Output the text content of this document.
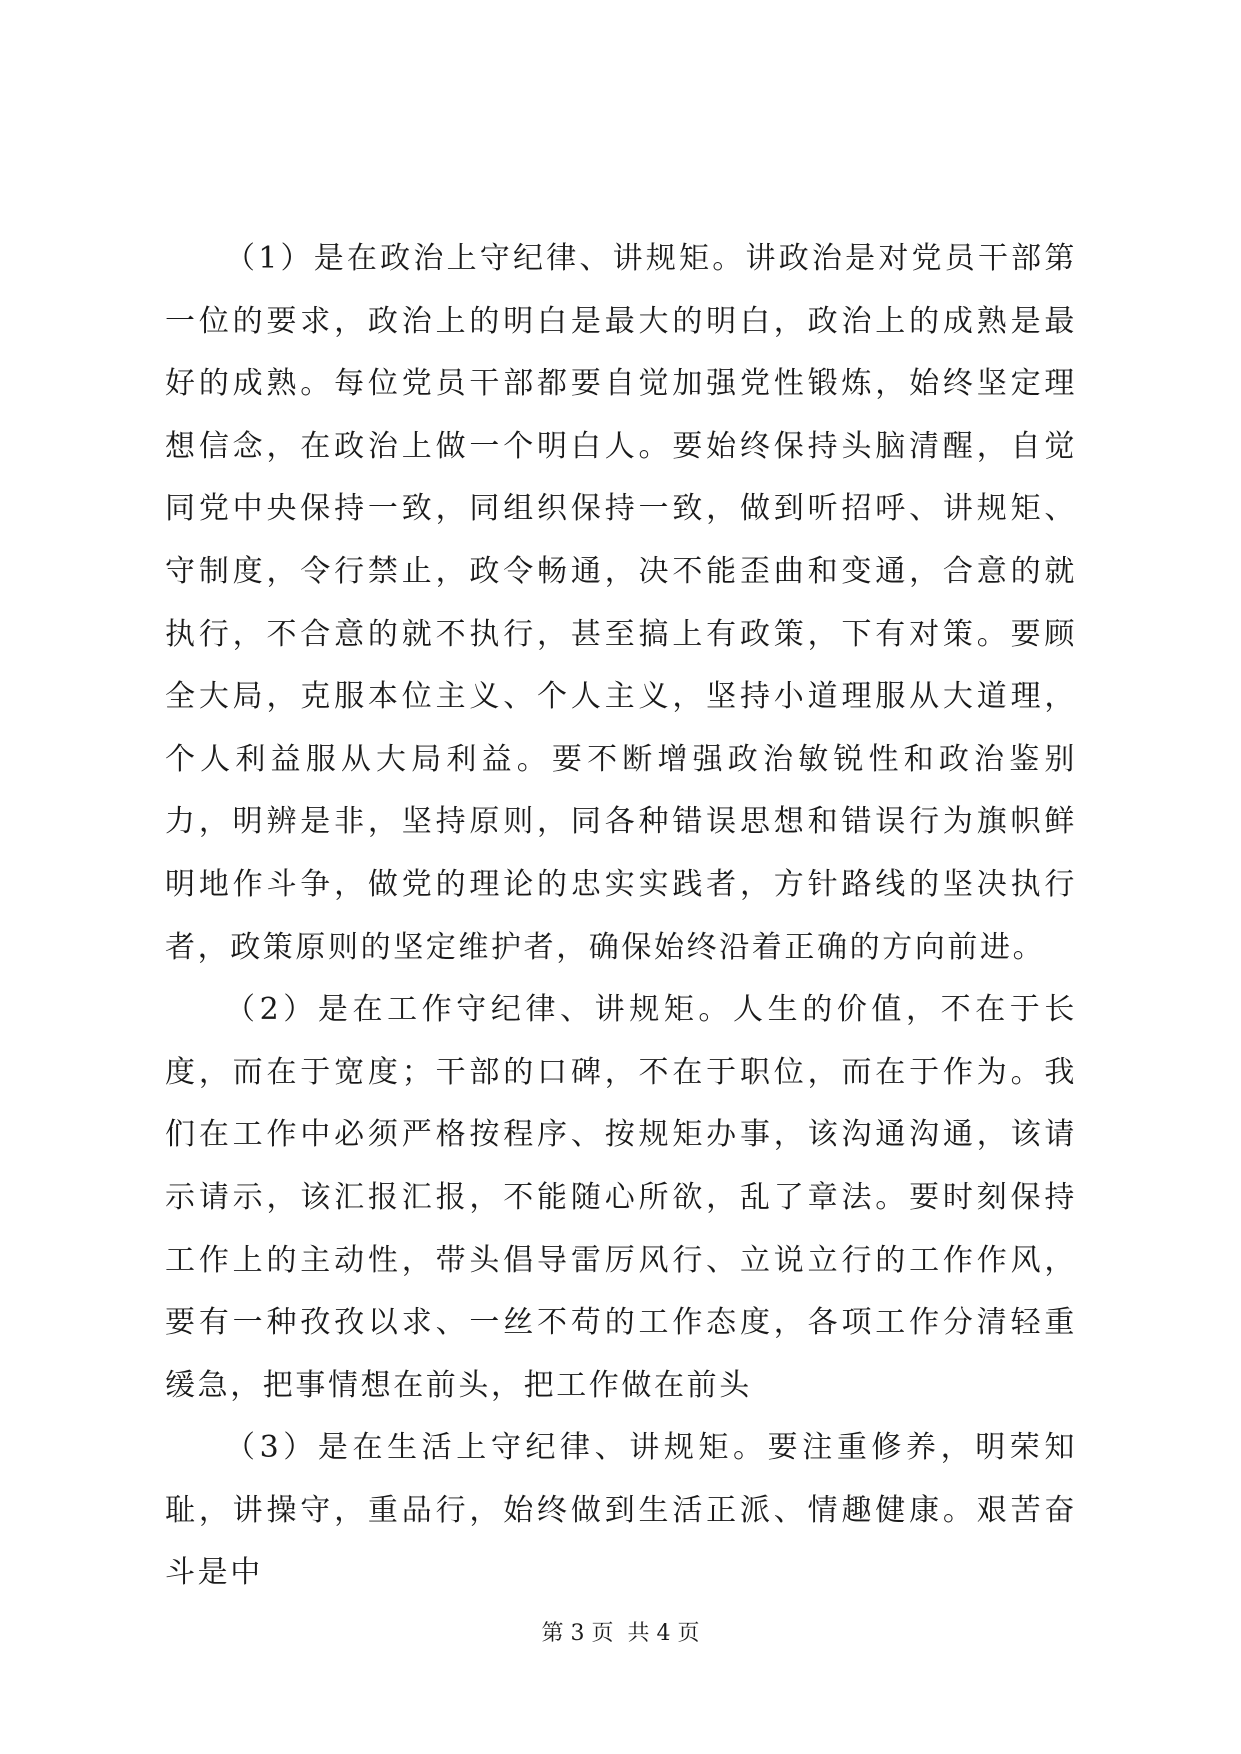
（1）是在政治上守纪律、讲规矩。讲政治是对党员干部第一位的要求，政治上的明白是最大的明白，政治上的成熟是最好的成熟。每位党员干部都要自觉加强党性锻炼，始终坚定理想信念，在政治上做一个明白人。要始终保持头脑清醒，自觉同党中央保持一致，同组织保持一致，做到听招呼、讲规矩、守制度，令行禁止，政令畅通，决不能歪曲和变通，合意的就执行，不合意的就不执行，甚至搞上有政策，下有对策。要顾全大局，克服本位主义、个人主义，坚持小道理服从大道理，个人利益服从大局利益。要不断增强政治敏锐性和政治鉴别力，明辨是非，坚持原则，同各种错误思想和错误行为旗帜鲜明地作斗争，做党的理论的忠实实践者，方针路线的坚决执行者，政策原则的坚定维护者，确保始终沿着正确的方向前进。

（2）是在工作守纪律、讲规矩。人生的价值，不在于长度，而在于宽度；干部的口碑，不在于职位，而在于作为。我们在工作中必须严格按程序、按规矩办事，该沟通沟通，该请示请示，该汇报汇报，不能随心所欲，乱了章法。要时刻保持工作上的主动性，带头倡导雷厉风行、立说立行的工作作风，要有一种孜孜以求、一丝不苟的工作态度，各项工作分清轻重缓急，把事情想在前头，把工作做在前头

（3）是在生活上守纪律、讲规矩。要注重修养，明荣知耻，讲操守，重品行，始终做到生活正派、情趣健康。艰苦奋斗是中

第 3 页  共 4 页
